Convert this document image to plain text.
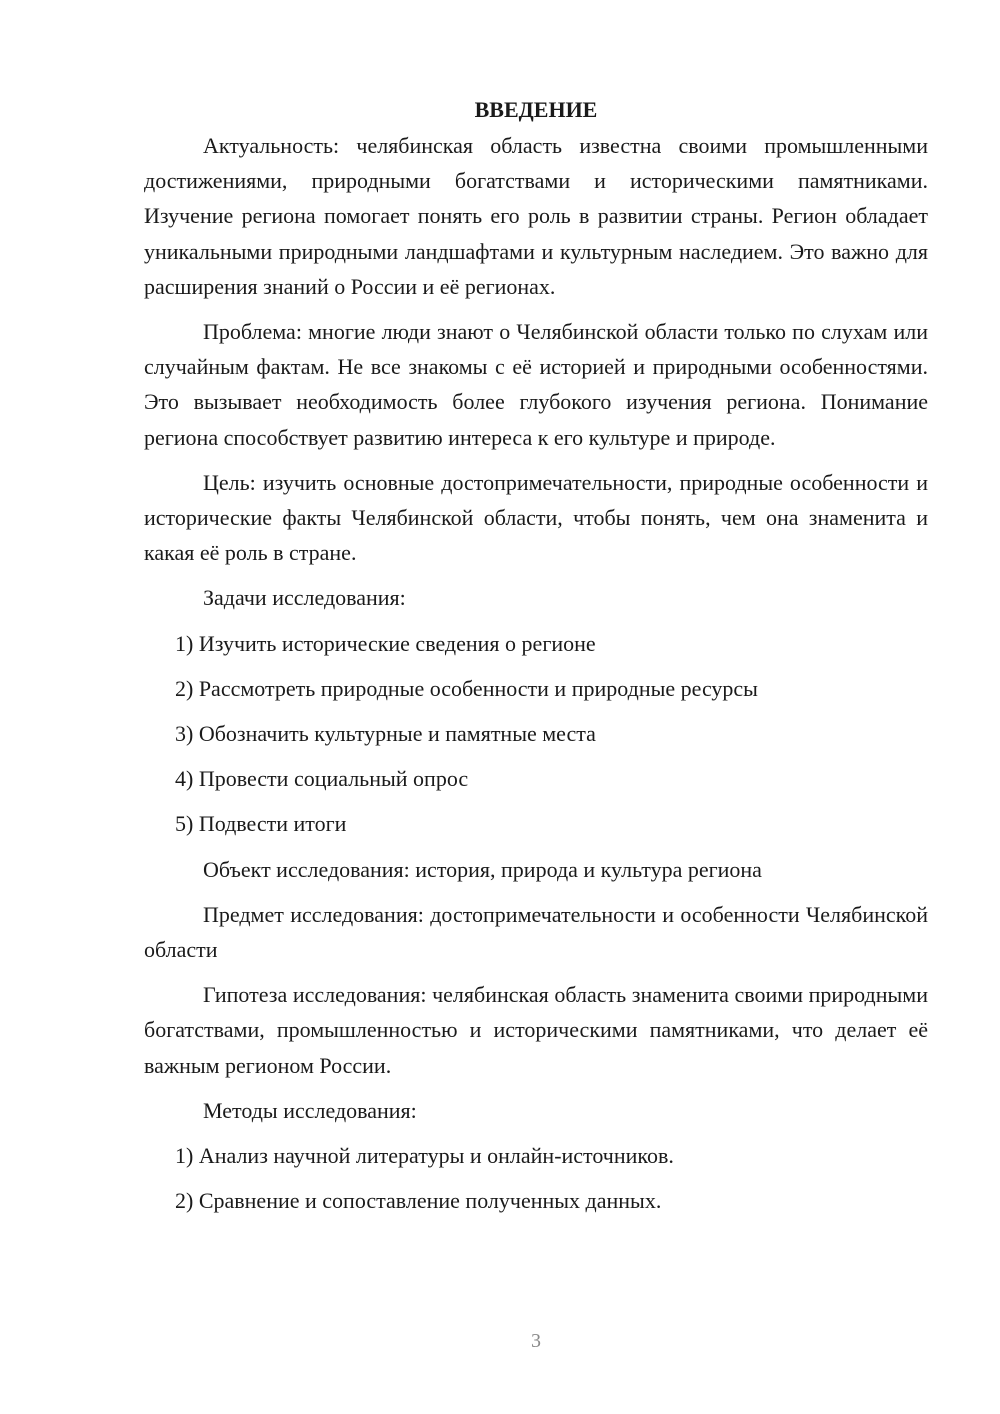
ВВЕДЕНИЕ

Актуальность: челябинская область известна своими промышленными достижениями, природными богатствами и историческими памятниками. Изучение региона помогает понять его роль в развитии страны. Регион обладает уникальными природными ландшафтами и культурным наследием. Это важно для расширения знаний о России и её регионах.

Проблема: многие люди знают о Челябинской области только по слухам или случайным фактам. Не все знакомы с её историей и природными особенностями. Это вызывает необходимость более глубокого изучения региона. Понимание региона способствует развитию интереса к его культуре и природе.

Цель: изучить основные достопримечательности, природные особенности и исторические факты Челябинской области, чтобы понять, чем она знаменита и какая её роль в стране.

Задачи исследования:

1) Изучить исторические сведения о регионе
2) Рассмотреть природные особенности и природные ресурсы
3) Обозначить культурные и памятные места
4) Провести социальный опрос
5) Подвести итоги

Объект исследования: история, природа и культура региона

Предмет исследования: достопримечательности и особенности Челябинской области

Гипотеза исследования: челябинская область знаменита своими природными богатствами, промышленностью и историческими памятниками, что делает её важным регионом России.

Методы исследования:

1) Анализ научной литературы и онлайн-источников.
2) Сравнение и сопоставление полученных данных.
3
